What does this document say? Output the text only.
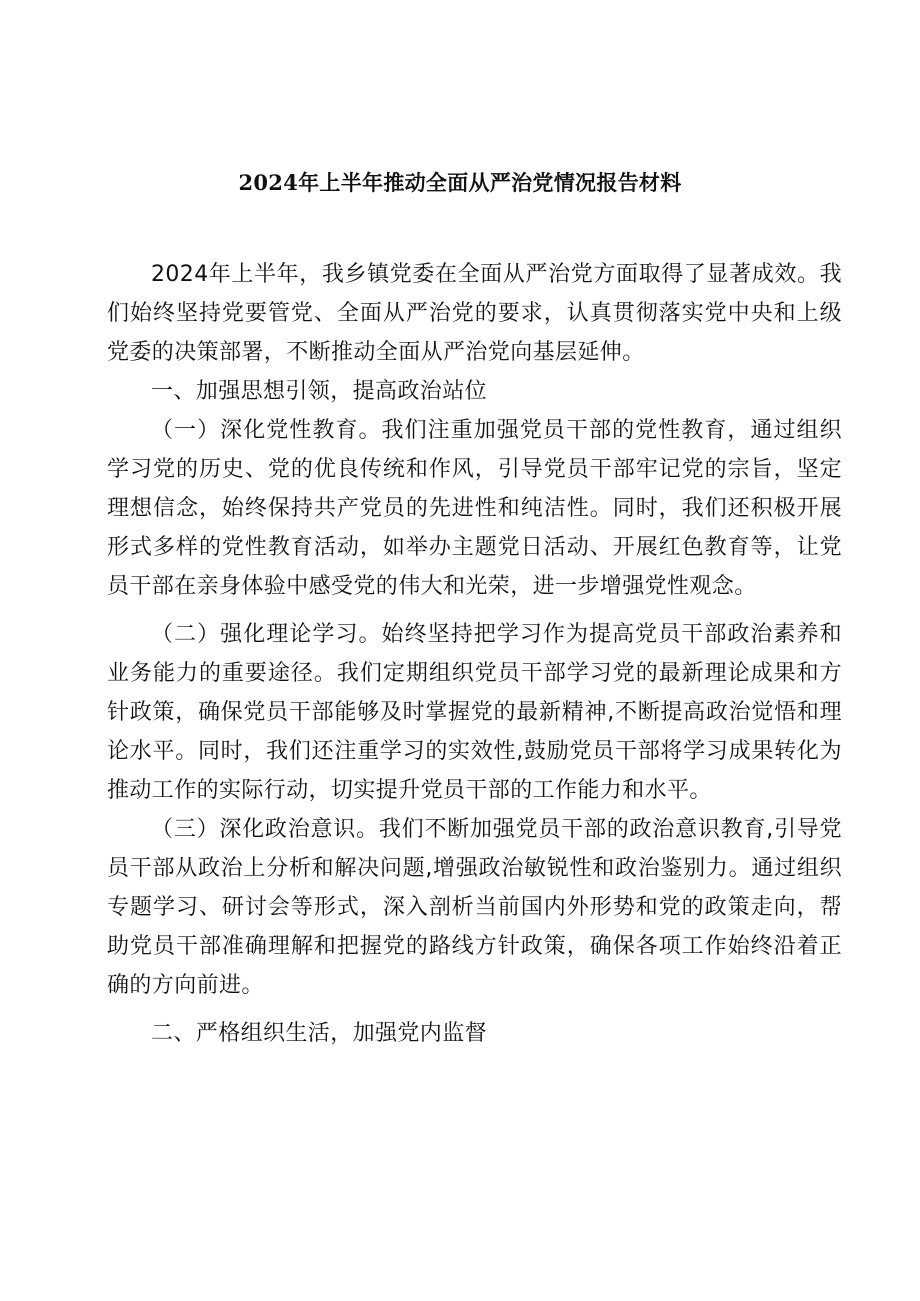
2024年上半年推动全面从严治党情况报告材料

2024年上半年，我乡镇党委在全面从严治党方面取得了显著成效。我们始终坚持党要管党、全面从严治党的要求，认真贯彻落实党中央和上级党委的决策部署，不断推动全面从严治党向基层延伸。

一、加强思想引领，提高政治站位

（一）深化党性教育。我们注重加强党员干部的党性教育，通过组织学习党的历史、党的优良传统和作风，引导党员干部牢记党的宗旨，坚定理想信念，始终保持共产党员的先进性和纯洁性。同时，我们还积极开展形式多样的党性教育活动，如举办主题党日活动、开展红色教育等，让党员干部在亲身体验中感受党的伟大和光荣，进一步增强党性观念。

（二）强化理论学习。始终坚持把学习作为提高党员干部政治素养和业务能力的重要途径。我们定期组织党员干部学习党的最新理论成果和方针政策，确保党员干部能够及时掌握党的最新精神,不断提高政治觉悟和理论水平。同时，我们还注重学习的实效性,鼓励党员干部将学习成果转化为推动工作的实际行动，切实提升党员干部的工作能力和水平。

（三）深化政治意识。我们不断加强党员干部的政治意识教育,引导党员干部从政治上分析和解决问题,增强政治敏锐性和政治鉴别力。通过组织专题学习、研讨会等形式，深入剖析当前国内外形势和党的政策走向，帮助党员干部准确理解和把握党的路线方针政策，确保各项工作始终沿着正确的方向前进。

二、严格组织生活，加强党内监督
